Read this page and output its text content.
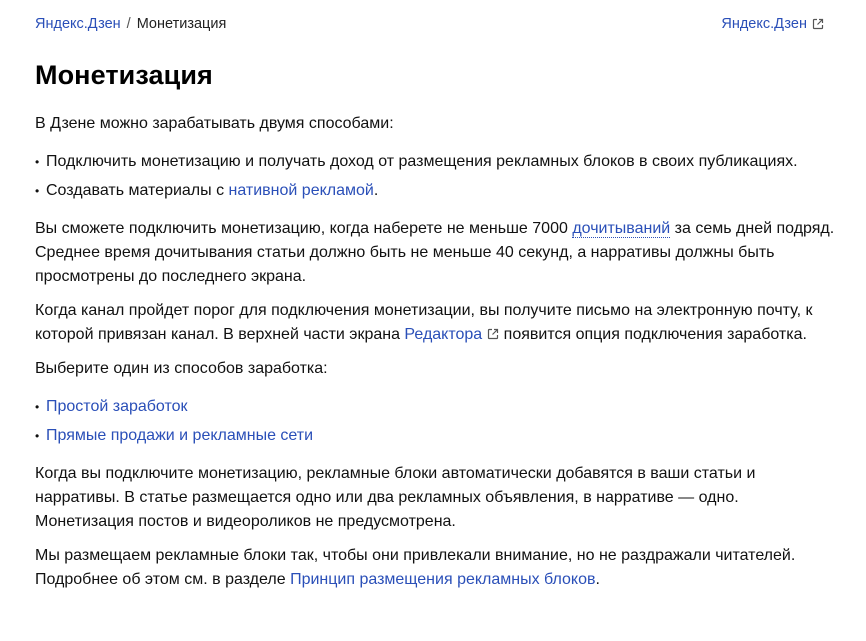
Яндекс.Дзен / Монетизация	Яндекс.Дзен
Монетизация

В Дзене можно зарабатывать двумя способами:

• Подключить монетизацию и получать доход от размещения рекламных блоков в своих публикациях.
• Создавать материалы с нативной рекламой.

Вы сможете подключить монетизацию, когда наберете не меньше 7000 дочитываний за семь дней подряд. Среднее время дочитывания статьи должно быть не меньше 40 секунд, а нарративы должны быть просмотрены до последнего экрана.

Когда канал пройдет порог для подключения монетизации, вы получите письмо на электронную почту, к которой привязан канал. В верхней части экрана Редактора появится опция подключения заработка.

Выберите один из способов заработка:

• Простой заработок
• Прямые продажи и рекламные сети

Когда вы подключите монетизацию, рекламные блоки автоматически добавятся в ваши статьи и нарративы. В статье размещается одно или два рекламных объявления, в нарративе — одно. Монетизация постов и видеороликов не предусмотрена.

Мы размещаем рекламные блоки так, чтобы они привлекали внимание, но не раздражали читателей. Подробнее об этом см. в разделе Принцип размещения рекламных блоков.
